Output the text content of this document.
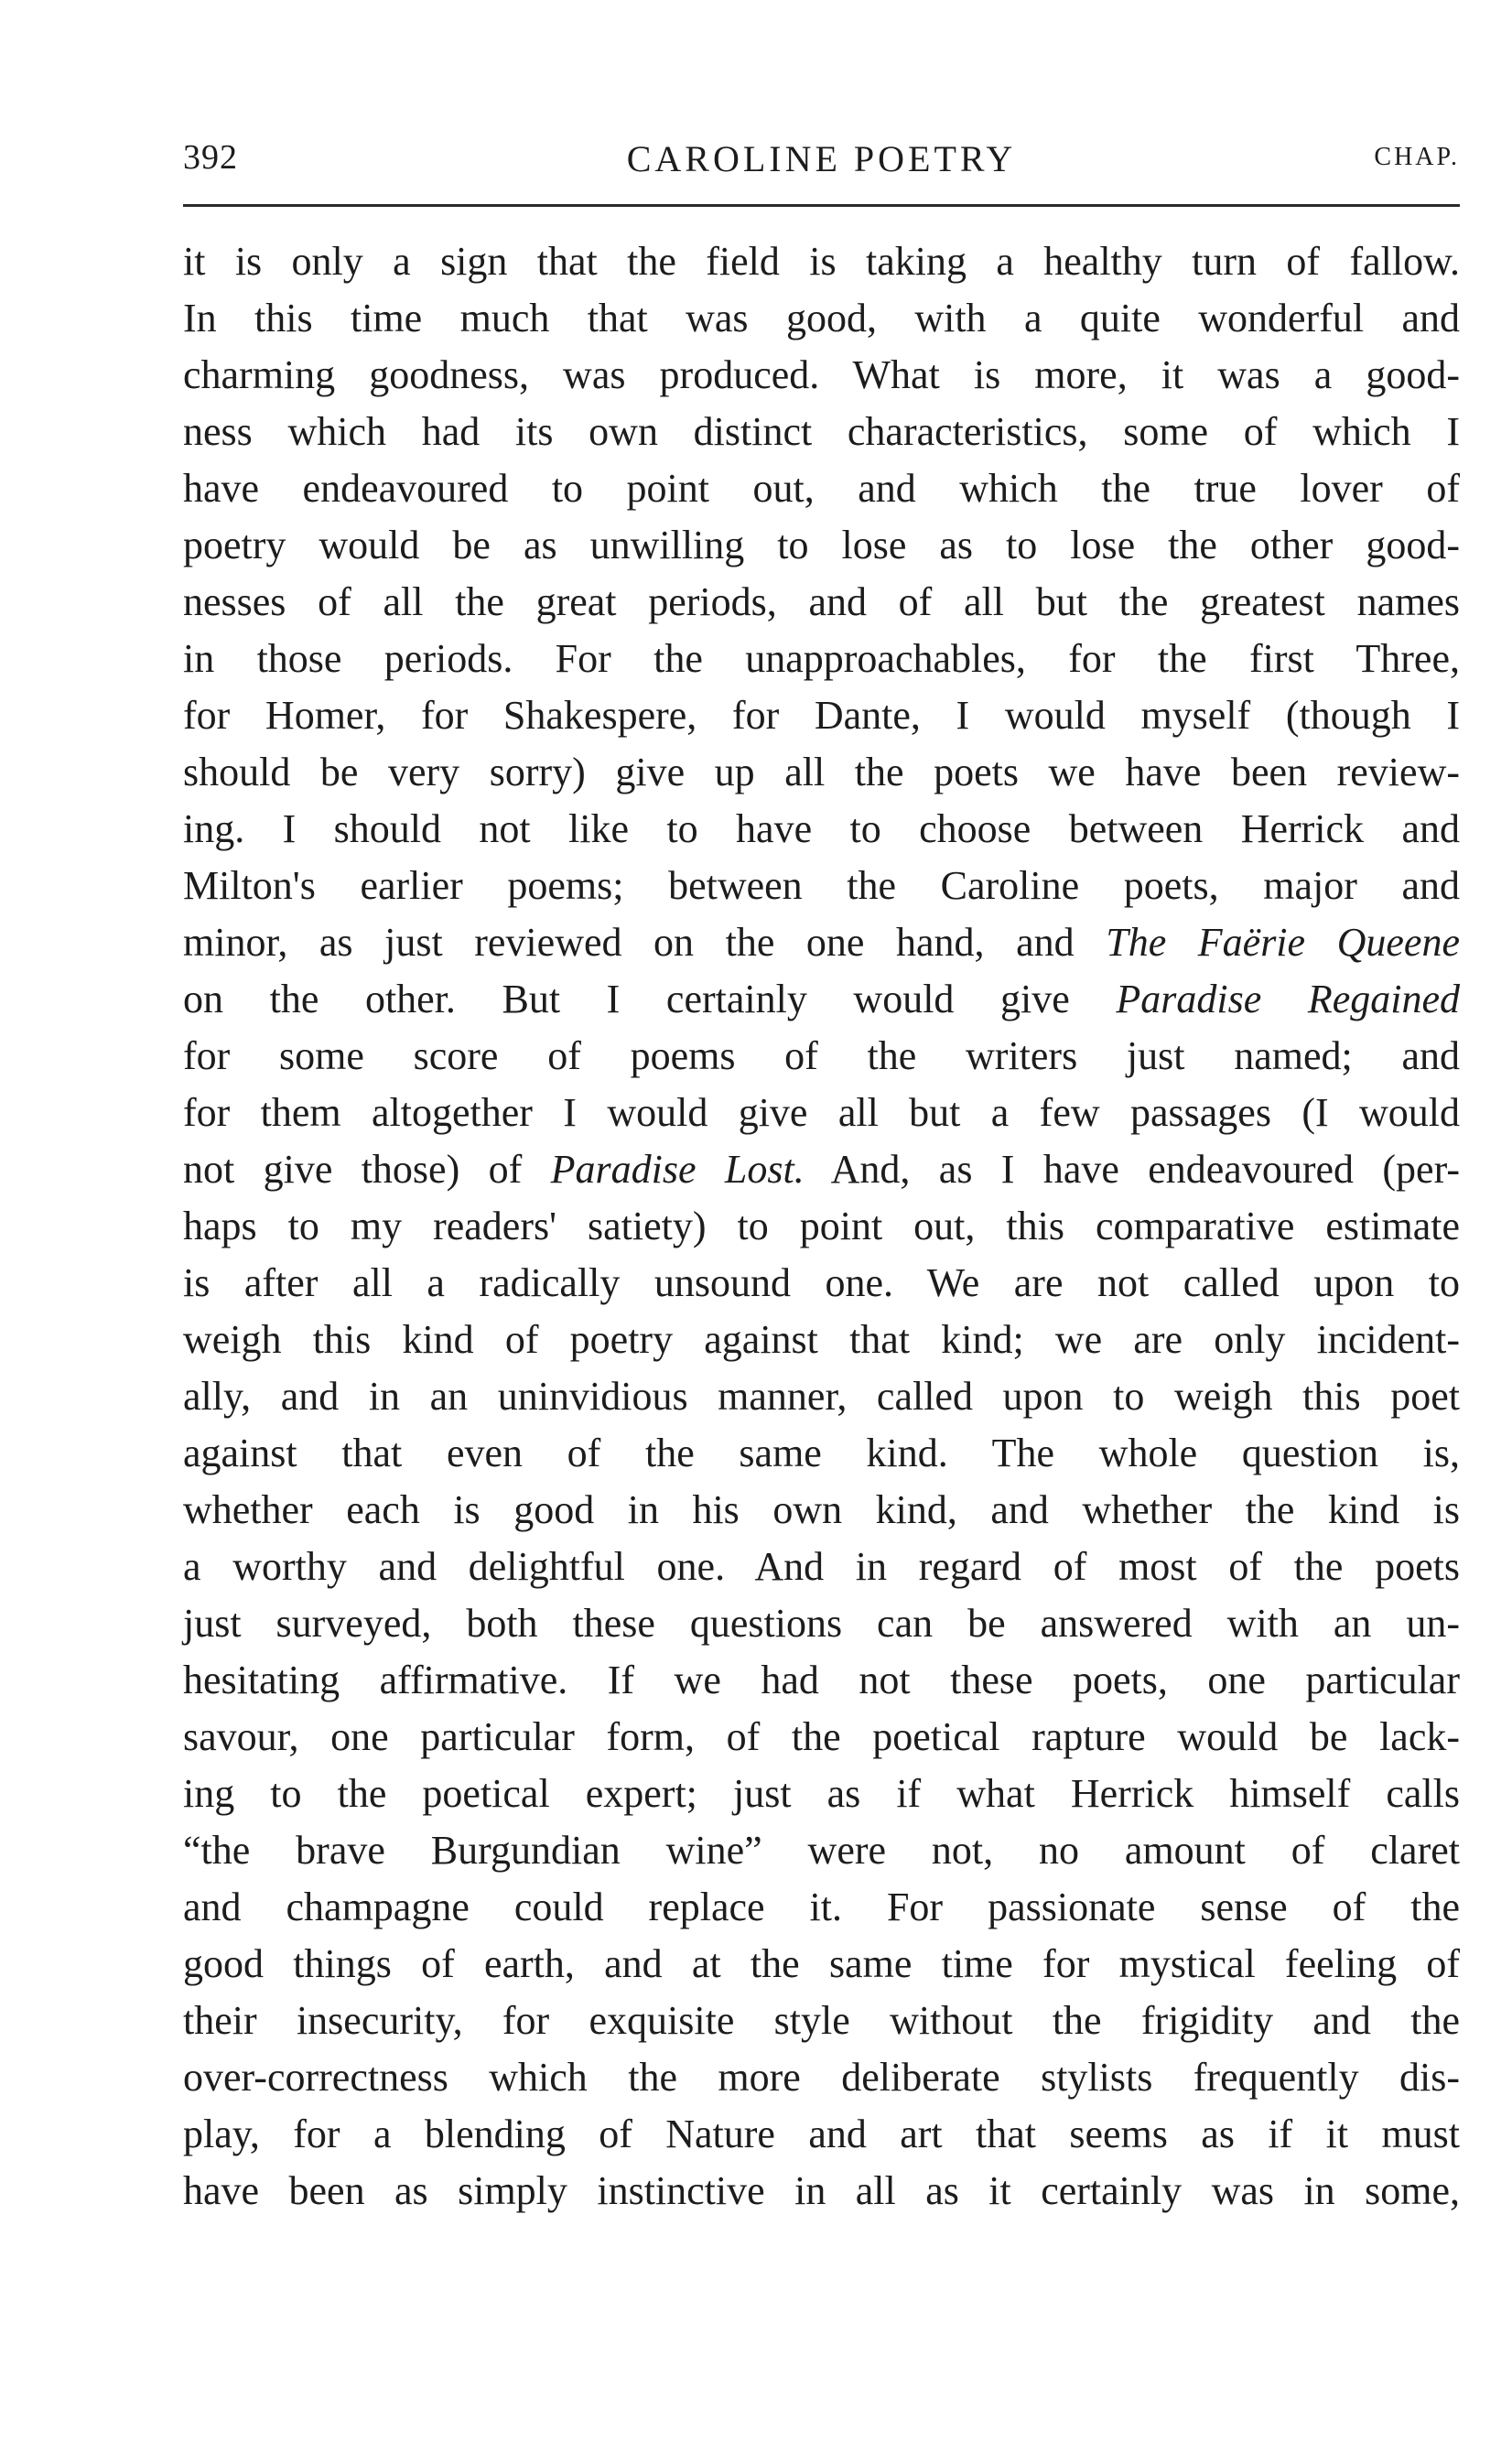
392	CAROLINE POETRY	CHAP.
it is only a sign that the field is taking a healthy turn of fallow.
In this time much that was good, with a quite wonderful and
charming goodness, was produced. What is more, it was a good-
ness which had its own distinct characteristics, some of which I
have endeavoured to point out, and which the true lover of
poetry would be as unwilling to lose as to lose the other good-
nesses of all the great periods, and of all but the greatest names
in those periods. For the unapproachables, for the first Three,
for Homer, for Shakespere, for Dante, I would myself (though I
should be very sorry) give up all the poets we have been review-
ing. I should not like to have to choose between Herrick and
Milton's earlier poems; between the Caroline poets, major and
minor, as just reviewed on the one hand, and The Faërie Queene
on the other. But I certainly would give Paradise Regained
for some score of poems of the writers just named; and
for them altogether I would give all but a few passages (I would
not give those) of Paradise Lost. And, as I have endeavoured (per-
haps to my readers' satiety) to point out, this comparative estimate
is after all a radically unsound one. We are not called upon to
weigh this kind of poetry against that kind; we are only incident-
ally, and in an uninvidious manner, called upon to weigh this poet
against that even of the same kind. The whole question is,
whether each is good in his own kind, and whether the kind is
a worthy and delightful one. And in regard of most of the poets
just surveyed, both these questions can be answered with an un-
hesitating affirmative. If we had not these poets, one particular
savour, one particular form, of the poetical rapture would be lack-
ing to the poetical expert; just as if what Herrick himself calls
“the brave Burgundian wine” were not, no amount of claret
and champagne could replace it. For passionate sense of the
good things of earth, and at the same time for mystical feeling of
their insecurity, for exquisite style without the frigidity and the
over-correctness which the more deliberate stylists frequently dis-
play, for a blending of Nature and art that seems as if it must
have been as simply instinctive in all as it certainly was in some,
